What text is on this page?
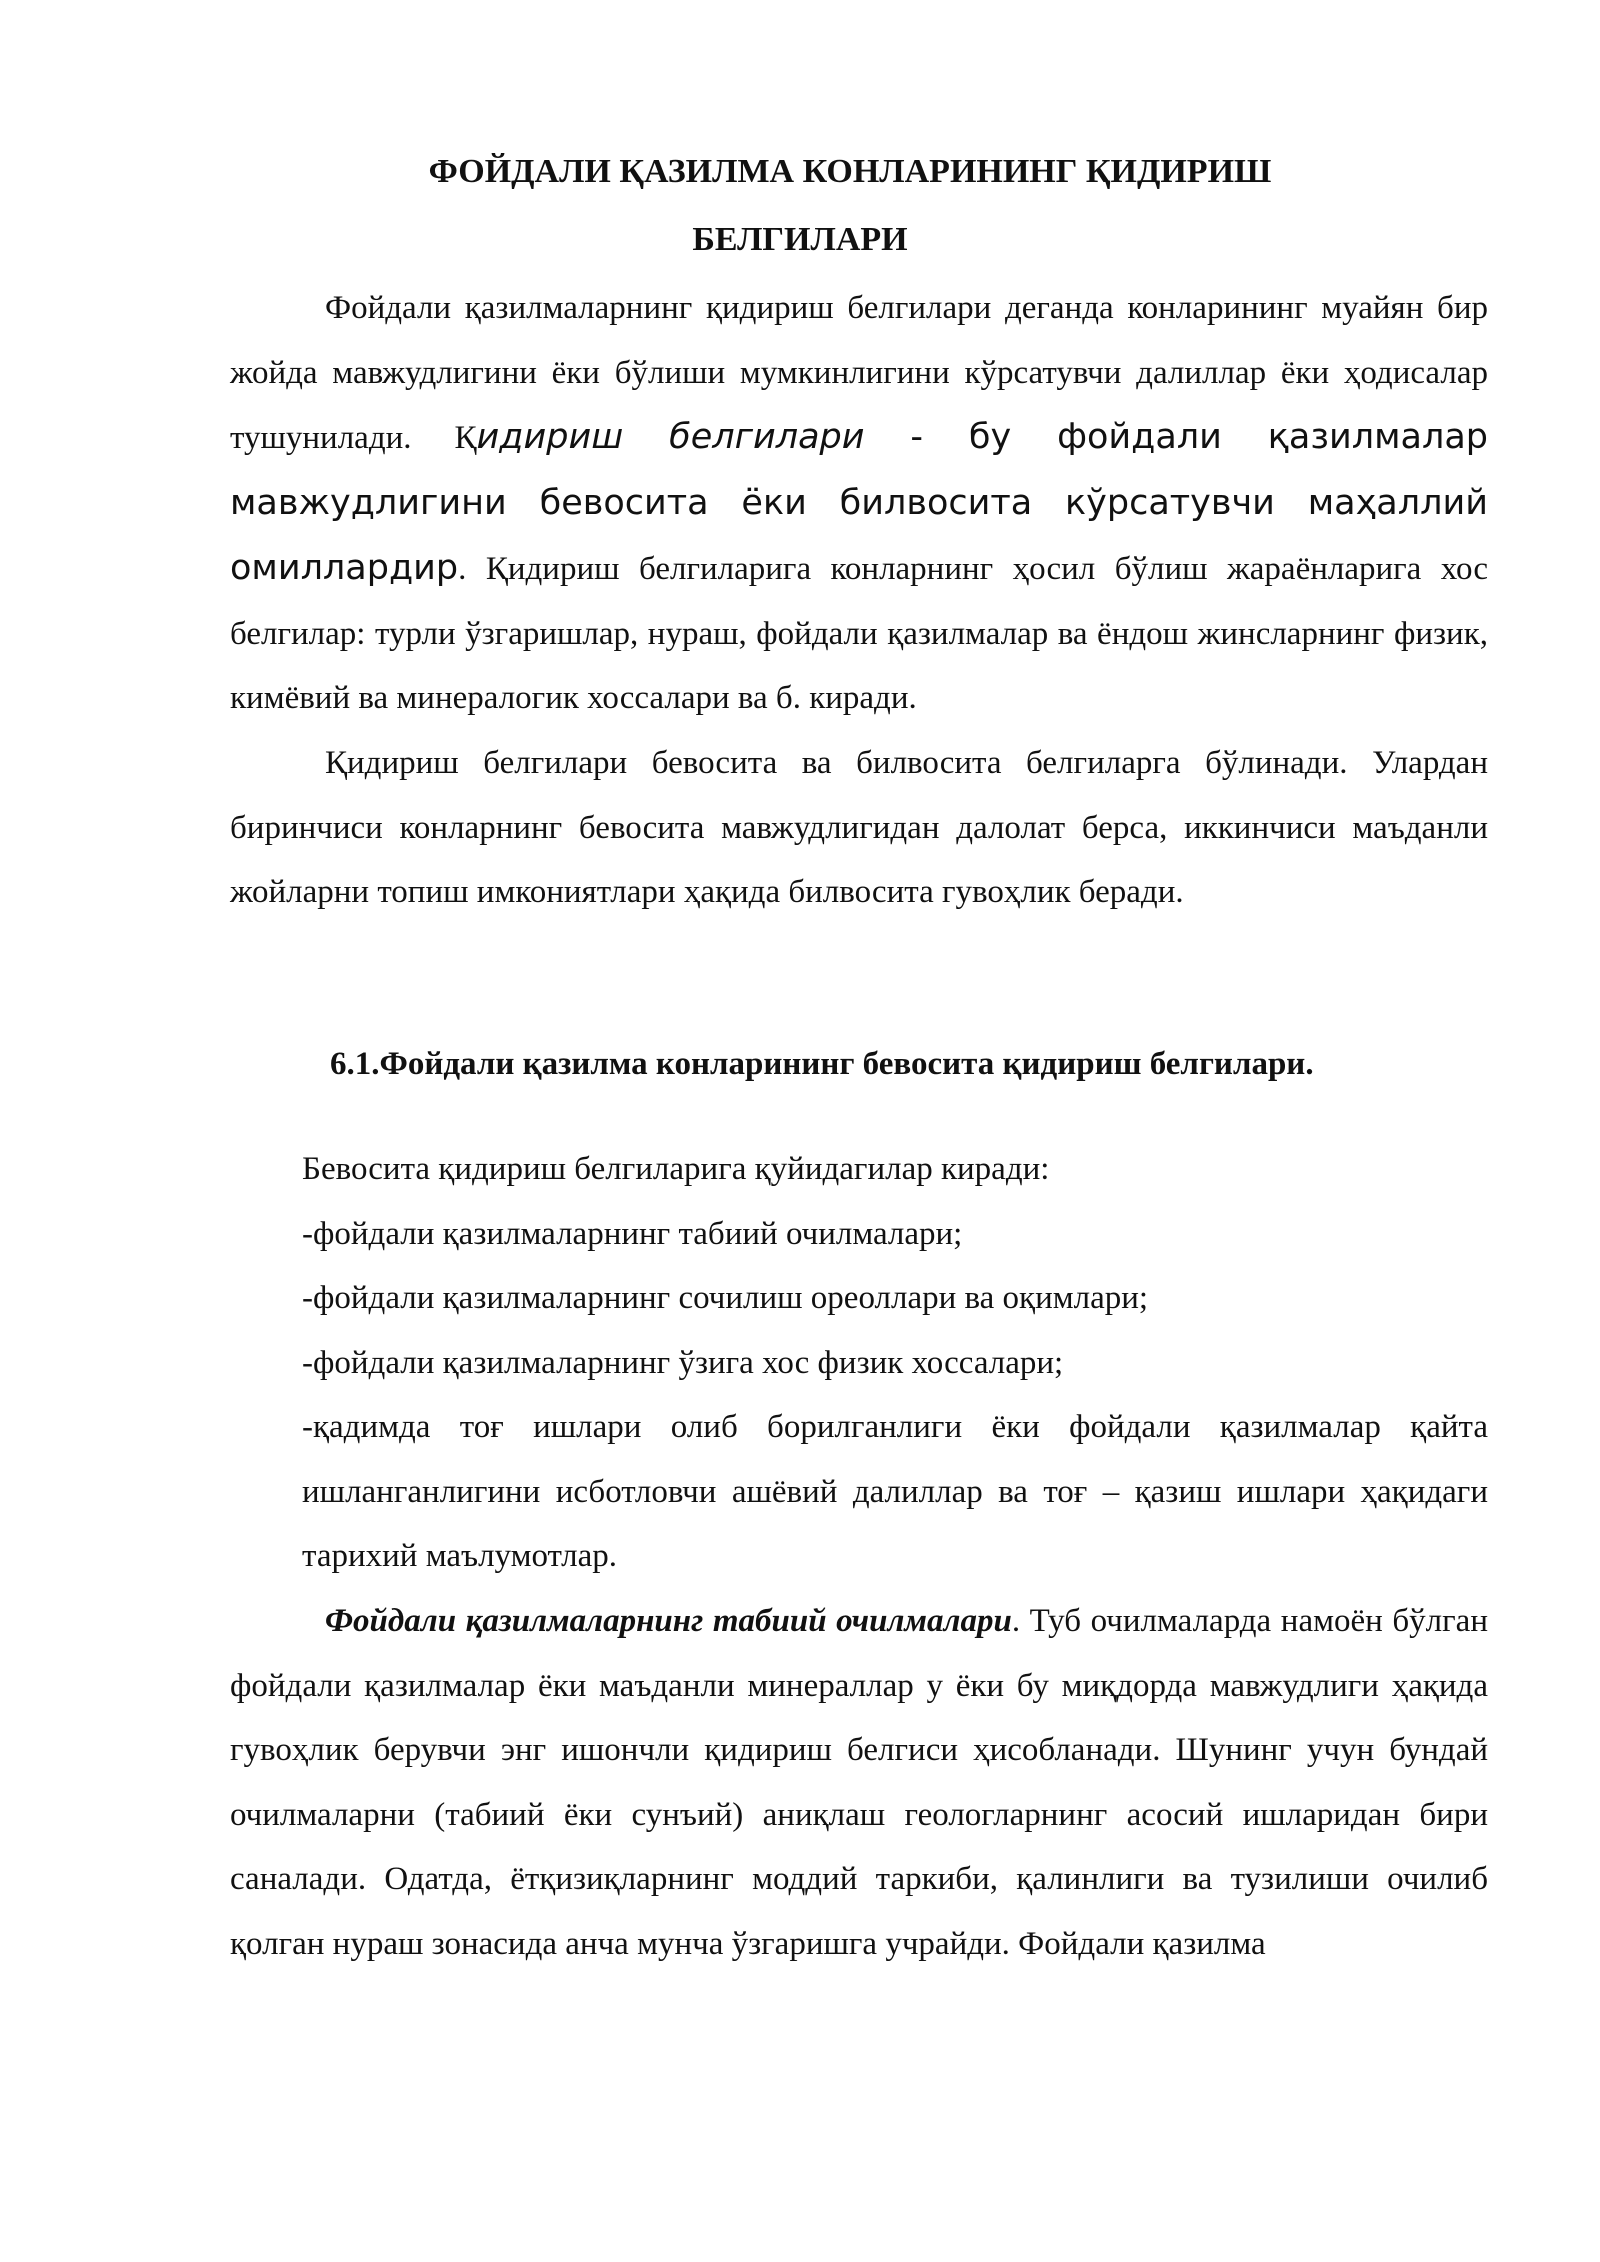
ФОЙДАЛИ ҚАЗИЛМА КОНЛАРИНИНГ ҚИДИРИШ
БЕЛГИЛАРИ

Фойдали қазилмаларнинг қидириш белгилари деганда конларининг муайян бир жойда мавжудлигини ёки бўлиши мумкинлигини кўрсатувчи далиллар ёки ҳодисалар тушунилади. Қидириш белгилари - бу фойдали қазилмалар мавжудлигини бевосита ёки билвосита кўрсатувчи маҳаллий омиллардир. Қидириш белгиларига конларнинг ҳосил бўлиш жараёнларига хос белгилар: турли ўзгаришлар, нураш, фойдали қазилмалар ва ёндош жинсларнинг физик, кимёвий ва минералогик хоссалари ва б. киради.

Қидириш белгилари бевосита ва билвосита белгиларга бўлинади. Улардан биринчиси конларнинг бевосита мавжудлигидан далолат берса, иккинчиси маъданли жойларни топиш имкониятлари ҳақида билвосита гувоҳлик беради.

6.1.Фойдали қазилма конларининг бевосита қидириш белгилари.
Бевосита қидириш белгиларига қуйидагилар киради:
-фойдали қазилмаларнинг табиий очилмалари;
-фойдали қазилмаларнинг сочилиш ореоллари ва оқимлари;
-фойдали қазилмаларнинг ўзига хос физик хоссалари;
-қадимда тоғ ишлари олиб борилганлиги ёки фойдали қазилмалар қайта ишланганлигини исботловчи ашёвий далиллар ва тоғ – қазиш ишлари ҳақидаги тарихий маълумотлар.

Фойдали қазилмаларнинг табиий очилмалари. Туб очилмаларда намоён бўлган фойдали қазилмалар ёки маъданли минераллар у ёки бу миқдорда мавжудлиги ҳақида гувоҳлик берувчи энг ишончли қидириш белгиси ҳисобланади. Шунинг учун бундай очилмаларни (табиий ёки сунъий) аниқлаш геологларнинг асосий ишларидан бири саналади. Одатда, ётқизиқларнинг моддий таркиби, қалинлиги ва тузилиши очилиб қолган нураш зонасида анча мунча ўзгаришга учрайди. Фойдали қазилма
